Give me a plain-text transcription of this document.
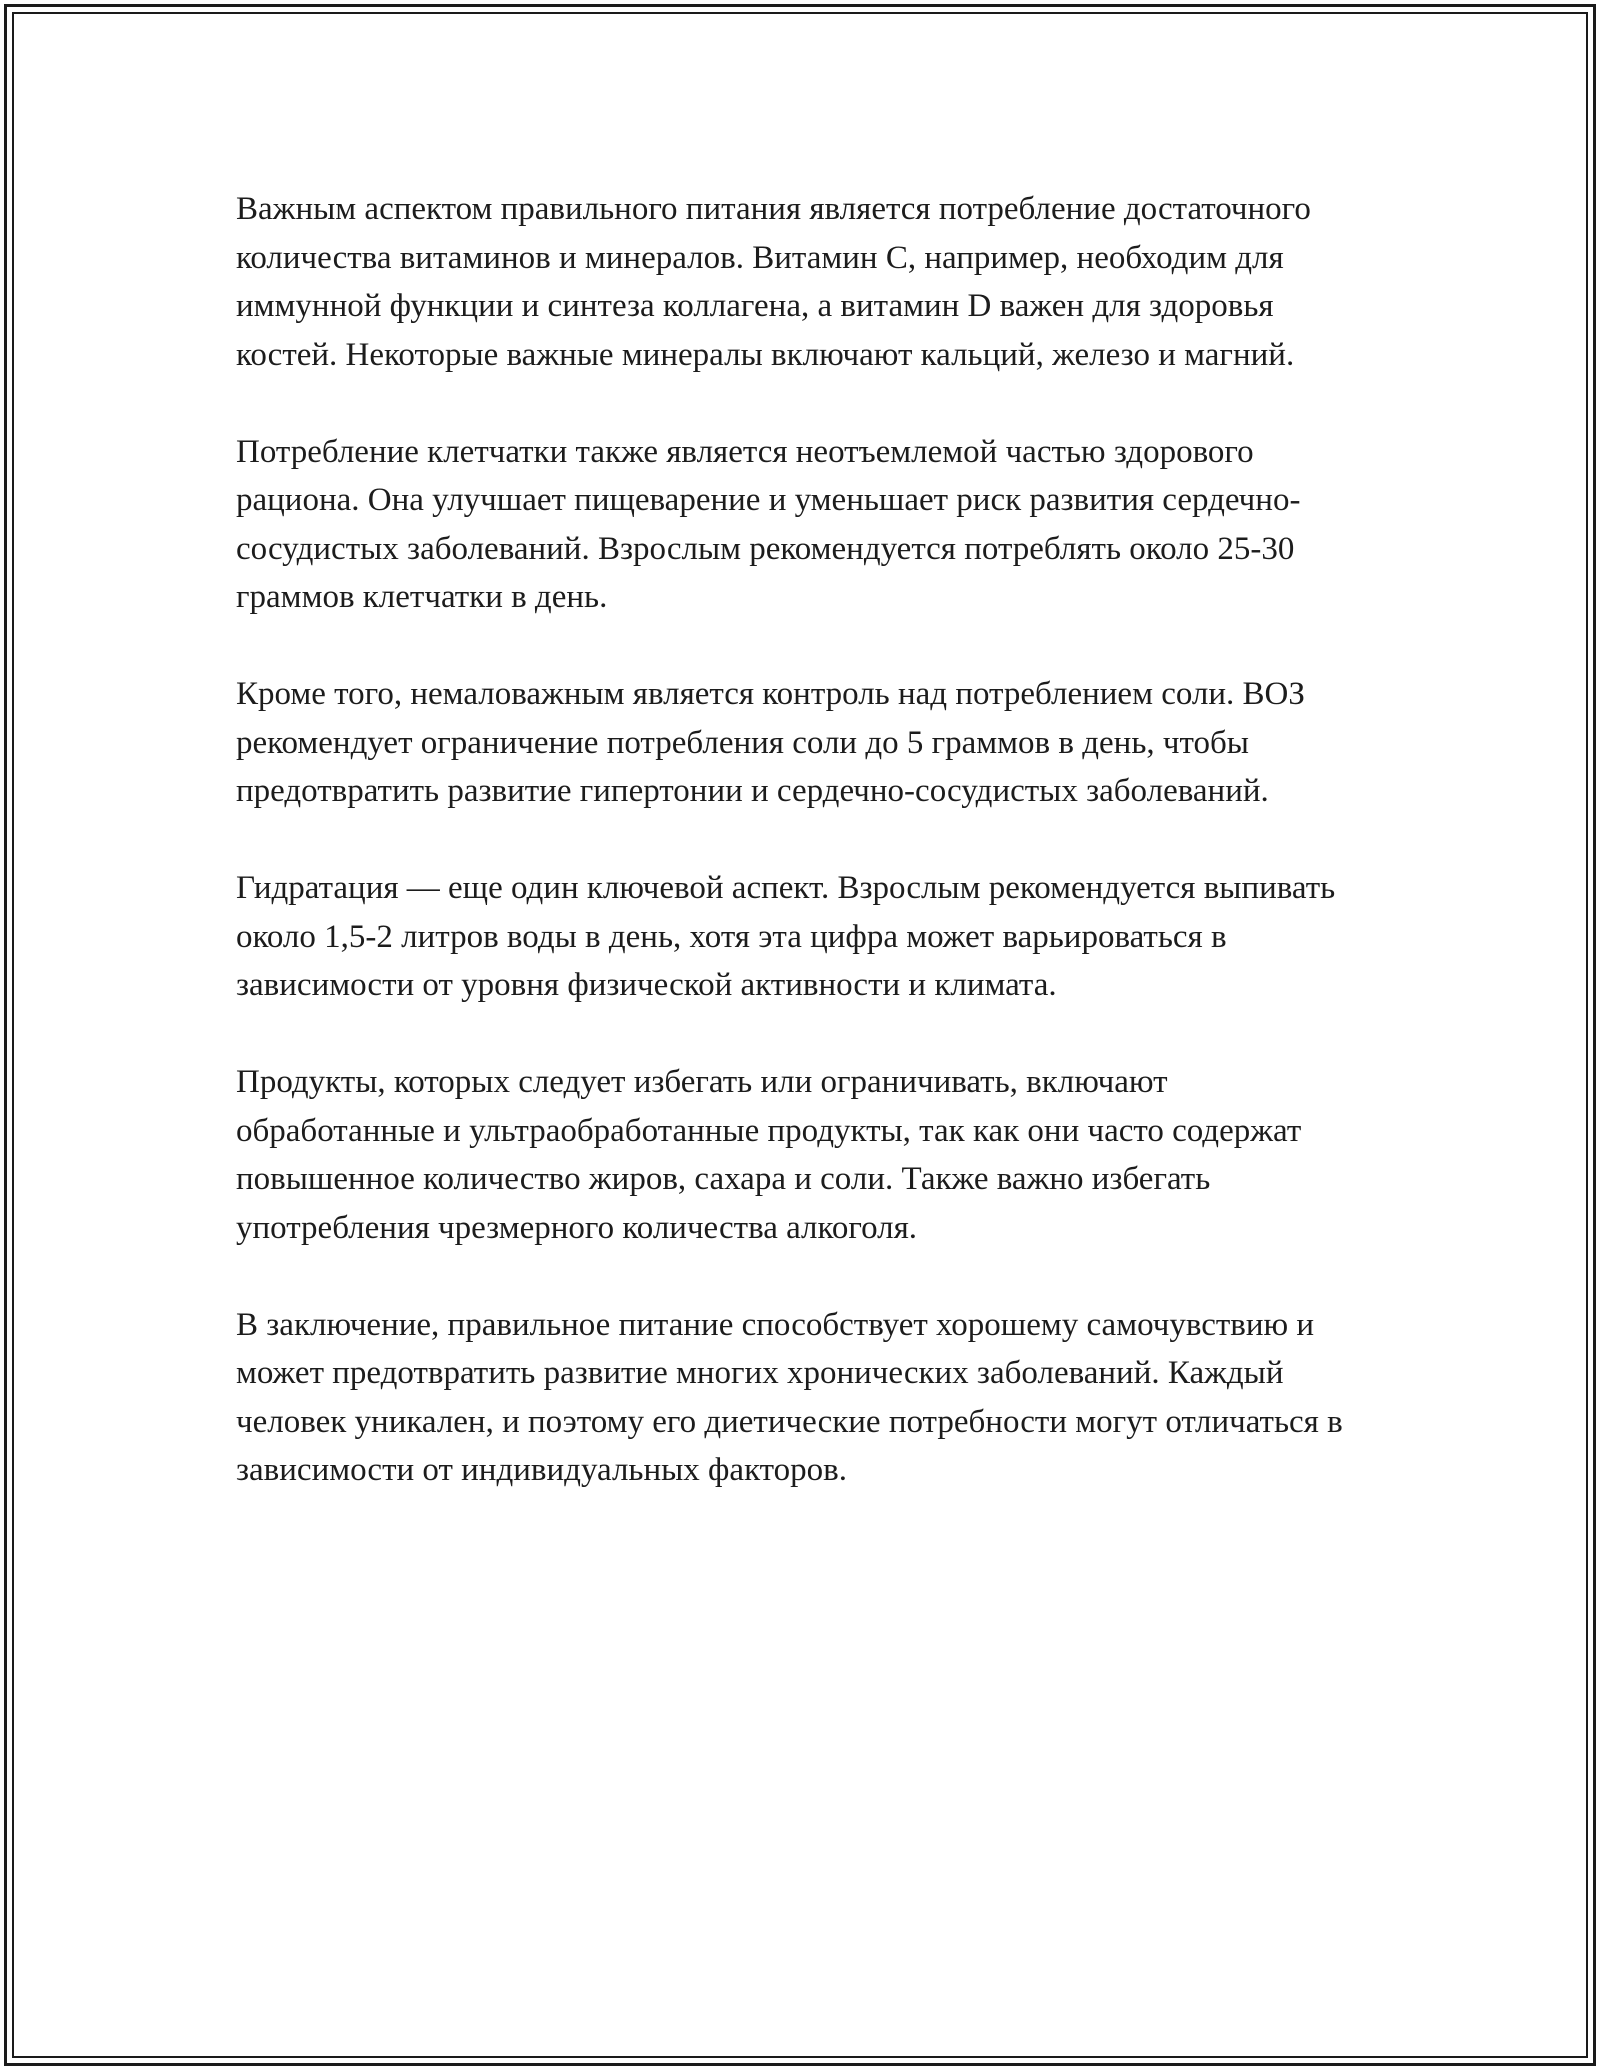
Важным аспектом правильного питания является потребление достаточного количества витаминов и минералов. Витамин C, например, необходим для иммунной функции и синтеза коллагена, а витамин D важен для здоровья костей. Некоторые важные минералы включают кальций, железо и магний.

Потребление клетчатки также является неотъемлемой частью здорового рациона. Она улучшает пищеварение и уменьшает риск развития сердечно-сосудистых заболеваний. Взрослым рекомендуется потреблять около 25-30 граммов клетчатки в день.

Кроме того, немаловажным является контроль над потреблением соли. ВОЗ рекомендует ограничение потребления соли до 5 граммов в день, чтобы предотвратить развитие гипертонии и сердечно-сосудистых заболеваний.

Гидратация — еще один ключевой аспект. Взрослым рекомендуется выпивать около 1,5-2 литров воды в день, хотя эта цифра может варьироваться в зависимости от уровня физической активности и климата.

Продукты, которых следует избегать или ограничивать, включают обработанные и ультраобработанные продукты, так как они часто содержат повышенное количество жиров, сахара и соли. Также важно избегать употребления чрезмерного количества алкоголя.

В заключение, правильное питание способствует хорошему самочувствию и может предотвратить развитие многих хронических заболеваний. Каждый человек уникален, и поэтому его диетические потребности могут отличаться в зависимости от индивидуальных факторов.
